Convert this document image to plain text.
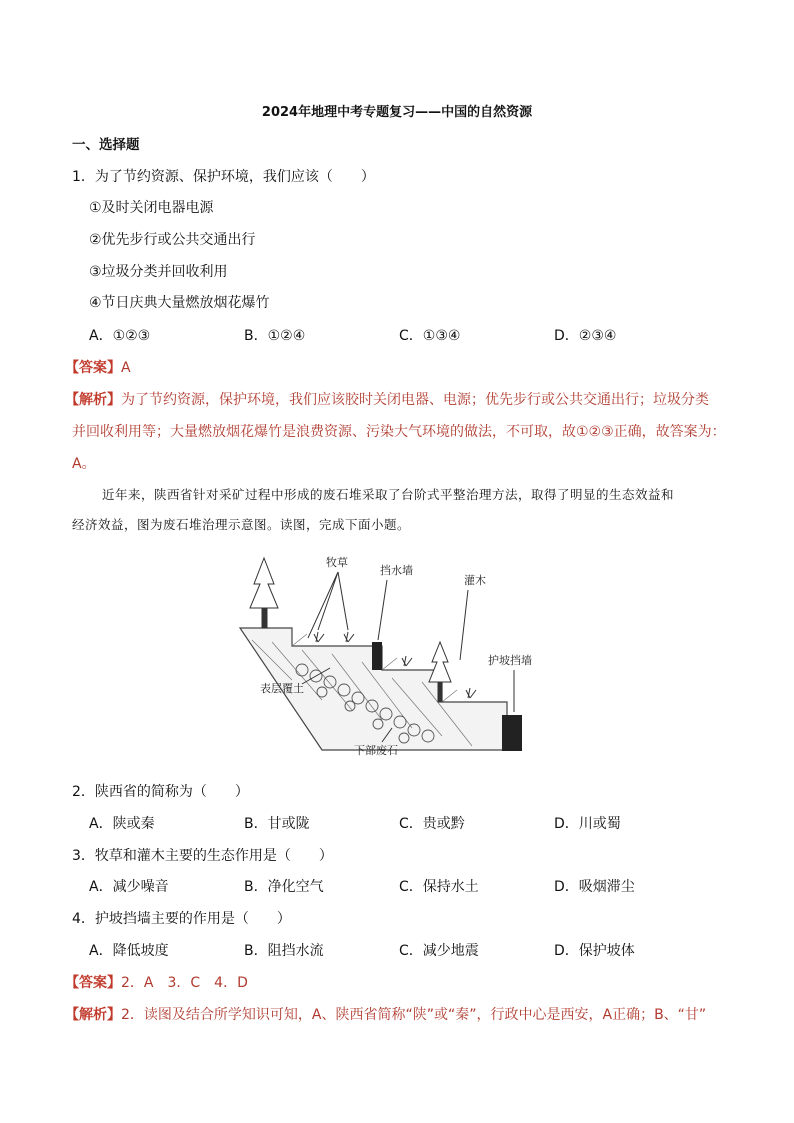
2024年地理中考专题复习——中国的自然资源
一、选择题
1．为了节约资源、保护环境，我们应该（　　）
①及时关闭电器电源
②优先步行或公共交通出行
③垃圾分类并回收利用
④节日庆典大量燃放烟花爆竹
A．①②③	B．①②④	C．①③④	D．②③④
【答案】A
【解析】为了节约资源，保护环境，我们应该胶时关闭电器、电源；优先步行或公共交通出行；垃圾分类
并回收利用等；大量燃放烟花爆竹是浪费资源、污染大气环境的做法，不可取，故①②③正确，故答案为：
A。
近年来，陕西省针对采矿过程中形成的废石堆采取了台阶式平整治理方法，取得了明显的生态效益和
经济效益，图为废石堆治理示意图。读图，完成下面小题。
牧草
挡水墙
灌木
护坡挡墙
表层覆土
下部废石
2．陕西省的简称为（　　）
A．陕或秦	B．甘或陇	C．贵或黔	D．川或蜀
3．牧草和灌木主要的生态作用是（　　）
A．减少噪音	B．净化空气	C．保持水土	D．吸烟滞尘
4．护坡挡墙主要的作用是（　　）
A．降低坡度	B．阻挡水流	C．减少地震	D．保护坡体
【答案】2．A　3．C　4．D
【解析】2．读图及结合所学知识可知，A、陕西省简称“陕”或“秦”，行政中心是西安，A正确；B、“甘”
